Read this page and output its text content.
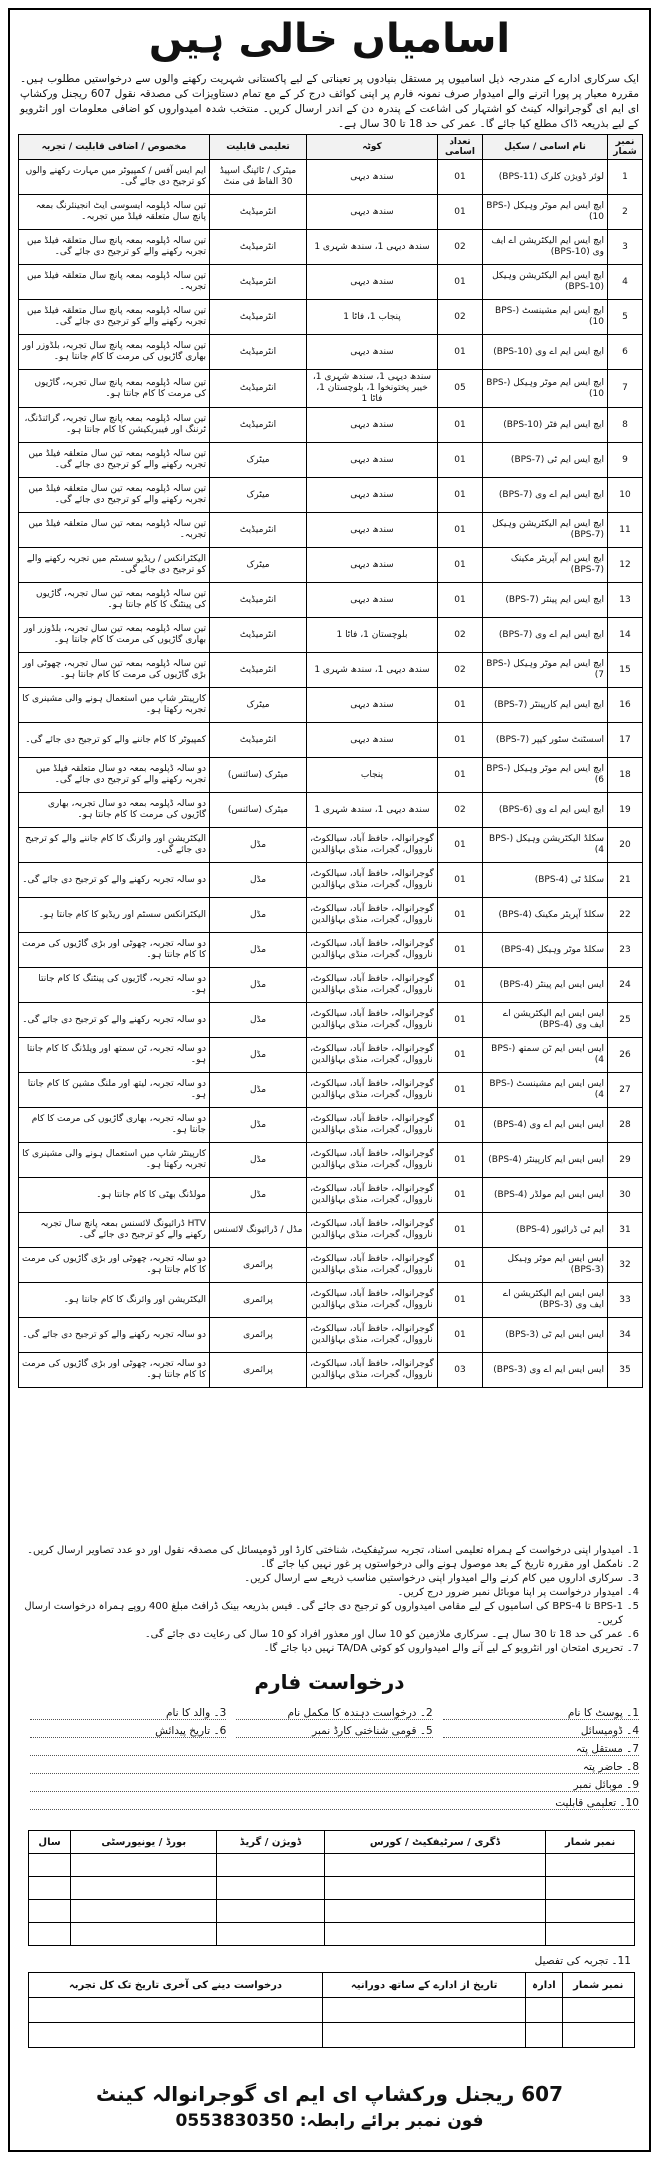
اسامیاں خالی ہیں
ایک سرکاری ادارے کے مندرجہ ذیل اسامیوں پر مستقل بنیادوں پر تعیناتی کے لیے پاکستانی شہریت رکھنے والوں سے درخواستیں مطلوب ہیں۔ مقررہ معیار پر پورا اترنے والے امیدوار صرف نمونہ فارم پر اپنی کوائف درج کر کے مع تمام دستاویزات کی مصدقہ نقول 607 ریجنل ورکشاپ ای ایم ای گوجرانوالہ کینٹ کو اشتہار کی اشاعت کے پندرہ دن کے اندر ارسال کریں۔ منتخب شدہ امیدواروں کو اضافی معلومات اور انٹرویو کے لیے بذریعہ ڈاک مطلع کیا جائے گا۔ عمر کی حد 18 تا 30 سال ہے۔
نمبر شمار	نام اسامی / سکیل	تعداد اسامی	کوٹہ	تعلیمی قابلیت	مخصوص / اضافی قابلیت / تجربہ
1	لوئر ڈویژن کلرک (BPS-11)	01	سندھ دیہی	میٹرک / ٹائپنگ اسپیڈ 30 الفاظ فی منٹ	ایم ایس آفس / کمپیوٹر میں مہارت رکھنے والوں کو ترجیح دی جائے گی۔
2	ایچ ایس ایم موٹر وہیکل (BPS-10)	01	سندھ دیہی	انٹرمیڈیٹ	تین سالہ ڈپلومہ ایسوسی ایٹ انجینئرنگ بمعہ پانچ سال متعلقہ فیلڈ میں تجربہ۔
3	ایچ ایس ایم الیکٹریشن اے ایف وی (BPS-10)	02	سندھ دیہی 1، سندھ شہری 1	انٹرمیڈیٹ	تین سالہ ڈپلومہ بمعہ پانچ سال متعلقہ فیلڈ میں تجربہ رکھنے والے کو ترجیح دی جائے گی۔
4	ایچ ایس ایم الیکٹریشن وہیکل (BPS-10)	01	سندھ دیہی	انٹرمیڈیٹ	تین سالہ ڈپلومہ بمعہ پانچ سال متعلقہ فیلڈ میں تجربہ۔
5	ایچ ایس ایم مشینسٹ (BPS-10)	02	پنجاب 1، فاٹا 1	انٹرمیڈیٹ	تین سالہ ڈپلومہ بمعہ پانچ سال متعلقہ فیلڈ میں تجربہ رکھنے والے کو ترجیح دی جائے گی۔
6	ایچ ایس ایم اے وی (BPS-10)	01	سندھ دیہی	انٹرمیڈیٹ	تین سالہ ڈپلومہ بمعہ پانچ سال تجربہ، بلڈوزر اور بھاری گاڑیوں کی مرمت کا کام جانتا ہو۔
7	ایچ ایس ایم موٹر وہیکل (BPS-10)	05	سندھ دیہی 1، سندھ شہری 1، خیبر پختونخوا 1، بلوچستان 1، فاٹا 1	انٹرمیڈیٹ	تین سالہ ڈپلومہ بمعہ پانچ سال تجربہ، گاڑیوں کی مرمت کا کام جانتا ہو۔
8	ایچ ایس ایم فٹر (BPS-10)	01	سندھ دیہی	انٹرمیڈیٹ	تین سالہ ڈپلومہ بمعہ پانچ سال تجربہ، گرائنڈنگ، ٹرننگ اور فیبریکیشن کا کام جانتا ہو۔
9	ایچ ایس ایم ٹی (BPS-7)	01	سندھ دیہی	میٹرک	تین سالہ ڈپلومہ بمعہ تین سال متعلقہ فیلڈ میں تجربہ رکھنے والے کو ترجیح دی جائے گی۔
10	ایچ ایس ایم اے وی (BPS-7)	01	سندھ دیہی	میٹرک	تین سالہ ڈپلومہ بمعہ تین سال متعلقہ فیلڈ میں تجربہ رکھنے والے کو ترجیح دی جائے گی۔
11	ایچ ایس ایم الیکٹریشن وہیکل (BPS-7)	01	سندھ دیہی	انٹرمیڈیٹ	تین سالہ ڈپلومہ بمعہ تین سال متعلقہ فیلڈ میں تجربہ۔
12	ایچ ایس ایم آپریٹر مکینک (BPS-7)	01	سندھ دیہی	میٹرک	الیکٹرانکس / ریڈیو سسٹم میں تجربہ رکھنے والے کو ترجیح دی جائے گی۔
13	ایچ ایس ایم پینٹر (BPS-7)	01	سندھ دیہی	انٹرمیڈیٹ	تین سالہ ڈپلومہ بمعہ تین سال تجربہ، گاڑیوں کی پینٹنگ کا کام جانتا ہو۔
14	ایچ ایس ایم اے وی (BPS-7)	02	بلوچستان 1، فاٹا 1	انٹرمیڈیٹ	تین سالہ ڈپلومہ بمعہ تین سال تجربہ، بلڈوزر اور بھاری گاڑیوں کی مرمت کا کام جانتا ہو۔
15	ایچ ایس ایم موٹر وہیکل (BPS-7)	02	سندھ دیہی 1، سندھ شہری 1	انٹرمیڈیٹ	تین سالہ ڈپلومہ بمعہ تین سال تجربہ، چھوٹی اور بڑی گاڑیوں کی مرمت کا کام جانتا ہو۔
16	ایچ ایس ایم کارپینٹر (BPS-7)	01	سندھ دیہی	میٹرک	کارپینٹر شاپ میں استعمال ہونے والی مشینری کا تجربہ رکھتا ہو۔
17	اسسٹنٹ سٹور کیپر (BPS-7)	01	سندھ دیہی	انٹرمیڈیٹ	کمپیوٹر کا کام جاننے والے کو ترجیح دی جائے گی۔
18	ایچ ایس ایم موٹر وہیکل (BPS-6)	01	پنجاب	میٹرک (سائنس)	دو سالہ ڈپلومہ بمعہ دو سال متعلقہ فیلڈ میں تجربہ رکھنے والے کو ترجیح دی جائے گی۔
19	ایچ ایس ایم اے وی (BPS-6)	02	سندھ دیہی 1، سندھ شہری 1	میٹرک (سائنس)	دو سالہ ڈپلومہ بمعہ دو سال تجربہ، بھاری گاڑیوں کی مرمت کا کام جانتا ہو۔
20	سکلڈ الیکٹریشن وہیکل (BPS-4)	01	گوجرانوالہ، حافظ آباد، سیالکوٹ، نارووال، گجرات، منڈی بہاؤالدین	مڈل	الیکٹریشن اور وائرنگ کا کام جاننے والے کو ترجیح دی جائے گی۔
21	سکلڈ ٹی (BPS-4)	01	گوجرانوالہ، حافظ آباد، سیالکوٹ، نارووال، گجرات، منڈی بہاؤالدین	مڈل	دو سالہ تجربہ رکھنے والے کو ترجیح دی جائے گی۔
22	سکلڈ آپریٹر مکینک (BPS-4)	01	گوجرانوالہ، حافظ آباد، سیالکوٹ، نارووال، گجرات، منڈی بہاؤالدین	مڈل	الیکٹرانکس سسٹم اور ریڈیو کا کام جانتا ہو۔
23	سکلڈ موٹر وہیکل (BPS-4)	01	گوجرانوالہ، حافظ آباد، سیالکوٹ، نارووال، گجرات، منڈی بہاؤالدین	مڈل	دو سالہ تجربہ، چھوٹی اور بڑی گاڑیوں کی مرمت کا کام جانتا ہو۔
24	ایس ایس ایم پینٹر (BPS-4)	01	گوجرانوالہ، حافظ آباد، سیالکوٹ، نارووال، گجرات، منڈی بہاؤالدین	مڈل	دو سالہ تجربہ، گاڑیوں کی پینٹنگ کا کام جانتا ہو۔
25	ایس ایس ایم الیکٹریشن اے ایف وی (BPS-4)	01	گوجرانوالہ، حافظ آباد، سیالکوٹ، نارووال، گجرات، منڈی بہاؤالدین	مڈل	دو سالہ تجربہ رکھنے والے کو ترجیح دی جائے گی۔
26	ایس ایس ایم ٹن سمتھ (BPS-4)	01	گوجرانوالہ، حافظ آباد، سیالکوٹ، نارووال، گجرات، منڈی بہاؤالدین	مڈل	دو سالہ تجربہ، ٹن سمتھ اور ویلڈنگ کا کام جانتا ہو۔
27	ایس ایس ایم مشینسٹ (BPS-4)	01	گوجرانوالہ، حافظ آباد، سیالکوٹ، نارووال، گجرات، منڈی بہاؤالدین	مڈل	دو سالہ تجربہ، لیتھ اور ملنگ مشین کا کام جانتا ہو۔
28	ایس ایس ایم اے وی (BPS-4)	01	گوجرانوالہ، حافظ آباد، سیالکوٹ، نارووال، گجرات، منڈی بہاؤالدین	مڈل	دو سالہ تجربہ، بھاری گاڑیوں کی مرمت کا کام جانتا ہو۔
29	ایس ایس ایم کارپینٹر (BPS-4)	01	گوجرانوالہ، حافظ آباد، سیالکوٹ، نارووال، گجرات، منڈی بہاؤالدین	مڈل	کارپینٹر شاپ میں استعمال ہونے والی مشینری کا تجربہ رکھتا ہو۔
30	ایس ایس ایم مولڈر (BPS-4)	01	گوجرانوالہ، حافظ آباد، سیالکوٹ، نارووال، گجرات، منڈی بہاؤالدین	مڈل	مولڈنگ بھٹی کا کام جانتا ہو۔
31	ایم ٹی ڈرائیور (BPS-4)	01	گوجرانوالہ، حافظ آباد، سیالکوٹ، نارووال، گجرات، منڈی بہاؤالدین	مڈل / ڈرائیونگ لائسنس	HTV ڈرائیونگ لائسنس بمعہ پانچ سال تجربہ رکھنے والے کو ترجیح دی جائے گی۔
32	ایس ایس ایم موٹر وہیکل (BPS-3)	01	گوجرانوالہ، حافظ آباد، سیالکوٹ، نارووال، گجرات، منڈی بہاؤالدین	پرائمری	دو سالہ تجربہ، چھوٹی اور بڑی گاڑیوں کی مرمت کا کام جانتا ہو۔
33	ایس ایس ایم الیکٹریشن اے ایف وی (BPS-3)	01	گوجرانوالہ، حافظ آباد، سیالکوٹ، نارووال، گجرات، منڈی بہاؤالدین	پرائمری	الیکٹریشن اور وائرنگ کا کام جانتا ہو۔
34	ایس ایس ایم ٹی (BPS-3)	01	گوجرانوالہ، حافظ آباد، سیالکوٹ، نارووال، گجرات، منڈی بہاؤالدین	پرائمری	دو سالہ تجربہ رکھنے والے کو ترجیح دی جائے گی۔
35	ایس ایس ایم اے وی (BPS-3)	03	گوجرانوالہ، حافظ آباد، سیالکوٹ، نارووال، گجرات، منڈی بہاؤالدین	پرائمری	دو سالہ تجربہ، چھوٹی اور بڑی گاڑیوں کی مرمت کا کام جانتا ہو۔
1۔
امیدوار اپنی درخواست کے ہمراہ تعلیمی اسناد، تجربہ سرٹیفکیٹ، شناختی کارڈ اور ڈومیسائل کی مصدقہ نقول اور دو عدد تصاویر ارسال کریں۔
2۔
نامکمل اور مقررہ تاریخ کے بعد موصول ہونے والی درخواستوں پر غور نہیں کیا جائے گا۔
3۔
سرکاری اداروں میں کام کرنے والے امیدوار اپنی درخواستیں مناسب ذریعے سے ارسال کریں۔
4۔
امیدوار درخواست پر اپنا موبائل نمبر ضرور درج کریں۔
5۔
BPS-1 تا BPS-4 کی اسامیوں کے لیے مقامی امیدواروں کو ترجیح دی جائے گی۔ فیس بذریعہ بینک ڈرافٹ مبلغ 400 روپے ہمراہ درخواست ارسال کریں۔
6۔
عمر کی حد 18 تا 30 سال ہے۔ سرکاری ملازمین کو 10 سال اور معذور افراد کو 10 سال کی رعایت دی جائے گی۔
7۔
تحریری امتحان اور انٹرویو کے لیے آنے والے امیدواروں کو کوئی TA/DA نہیں دیا جائے گا۔
درخواست فارم
1۔ پوسٹ کا نام
2۔ درخواست دہندہ کا مکمل نام
3۔ والد کا نام
4۔ ڈومیسائل
5۔ قومی شناختی کارڈ نمبر
6۔ تاریخ پیدائش
7۔ مستقل پتہ
8۔ حاضر پتہ
9۔ موبائل نمبر
10۔ تعلیمی قابلیت
نمبر شمار	ڈگری / سرٹیفکیٹ / کورس	ڈویژن / گریڈ	بورڈ / یونیورسٹی	سال

11۔ تجربہ کی تفصیل
نمبر شمار	ادارہ	تاریخ از ادارے کے ساتھ دورانیہ	درخواست دینے کی آخری تاریخ تک کل تجربہ

607 ریجنل ورکشاپ ای ایم ای گوجرانوالہ کینٹ
فون نمبر برائے رابطہ: 0553830350
